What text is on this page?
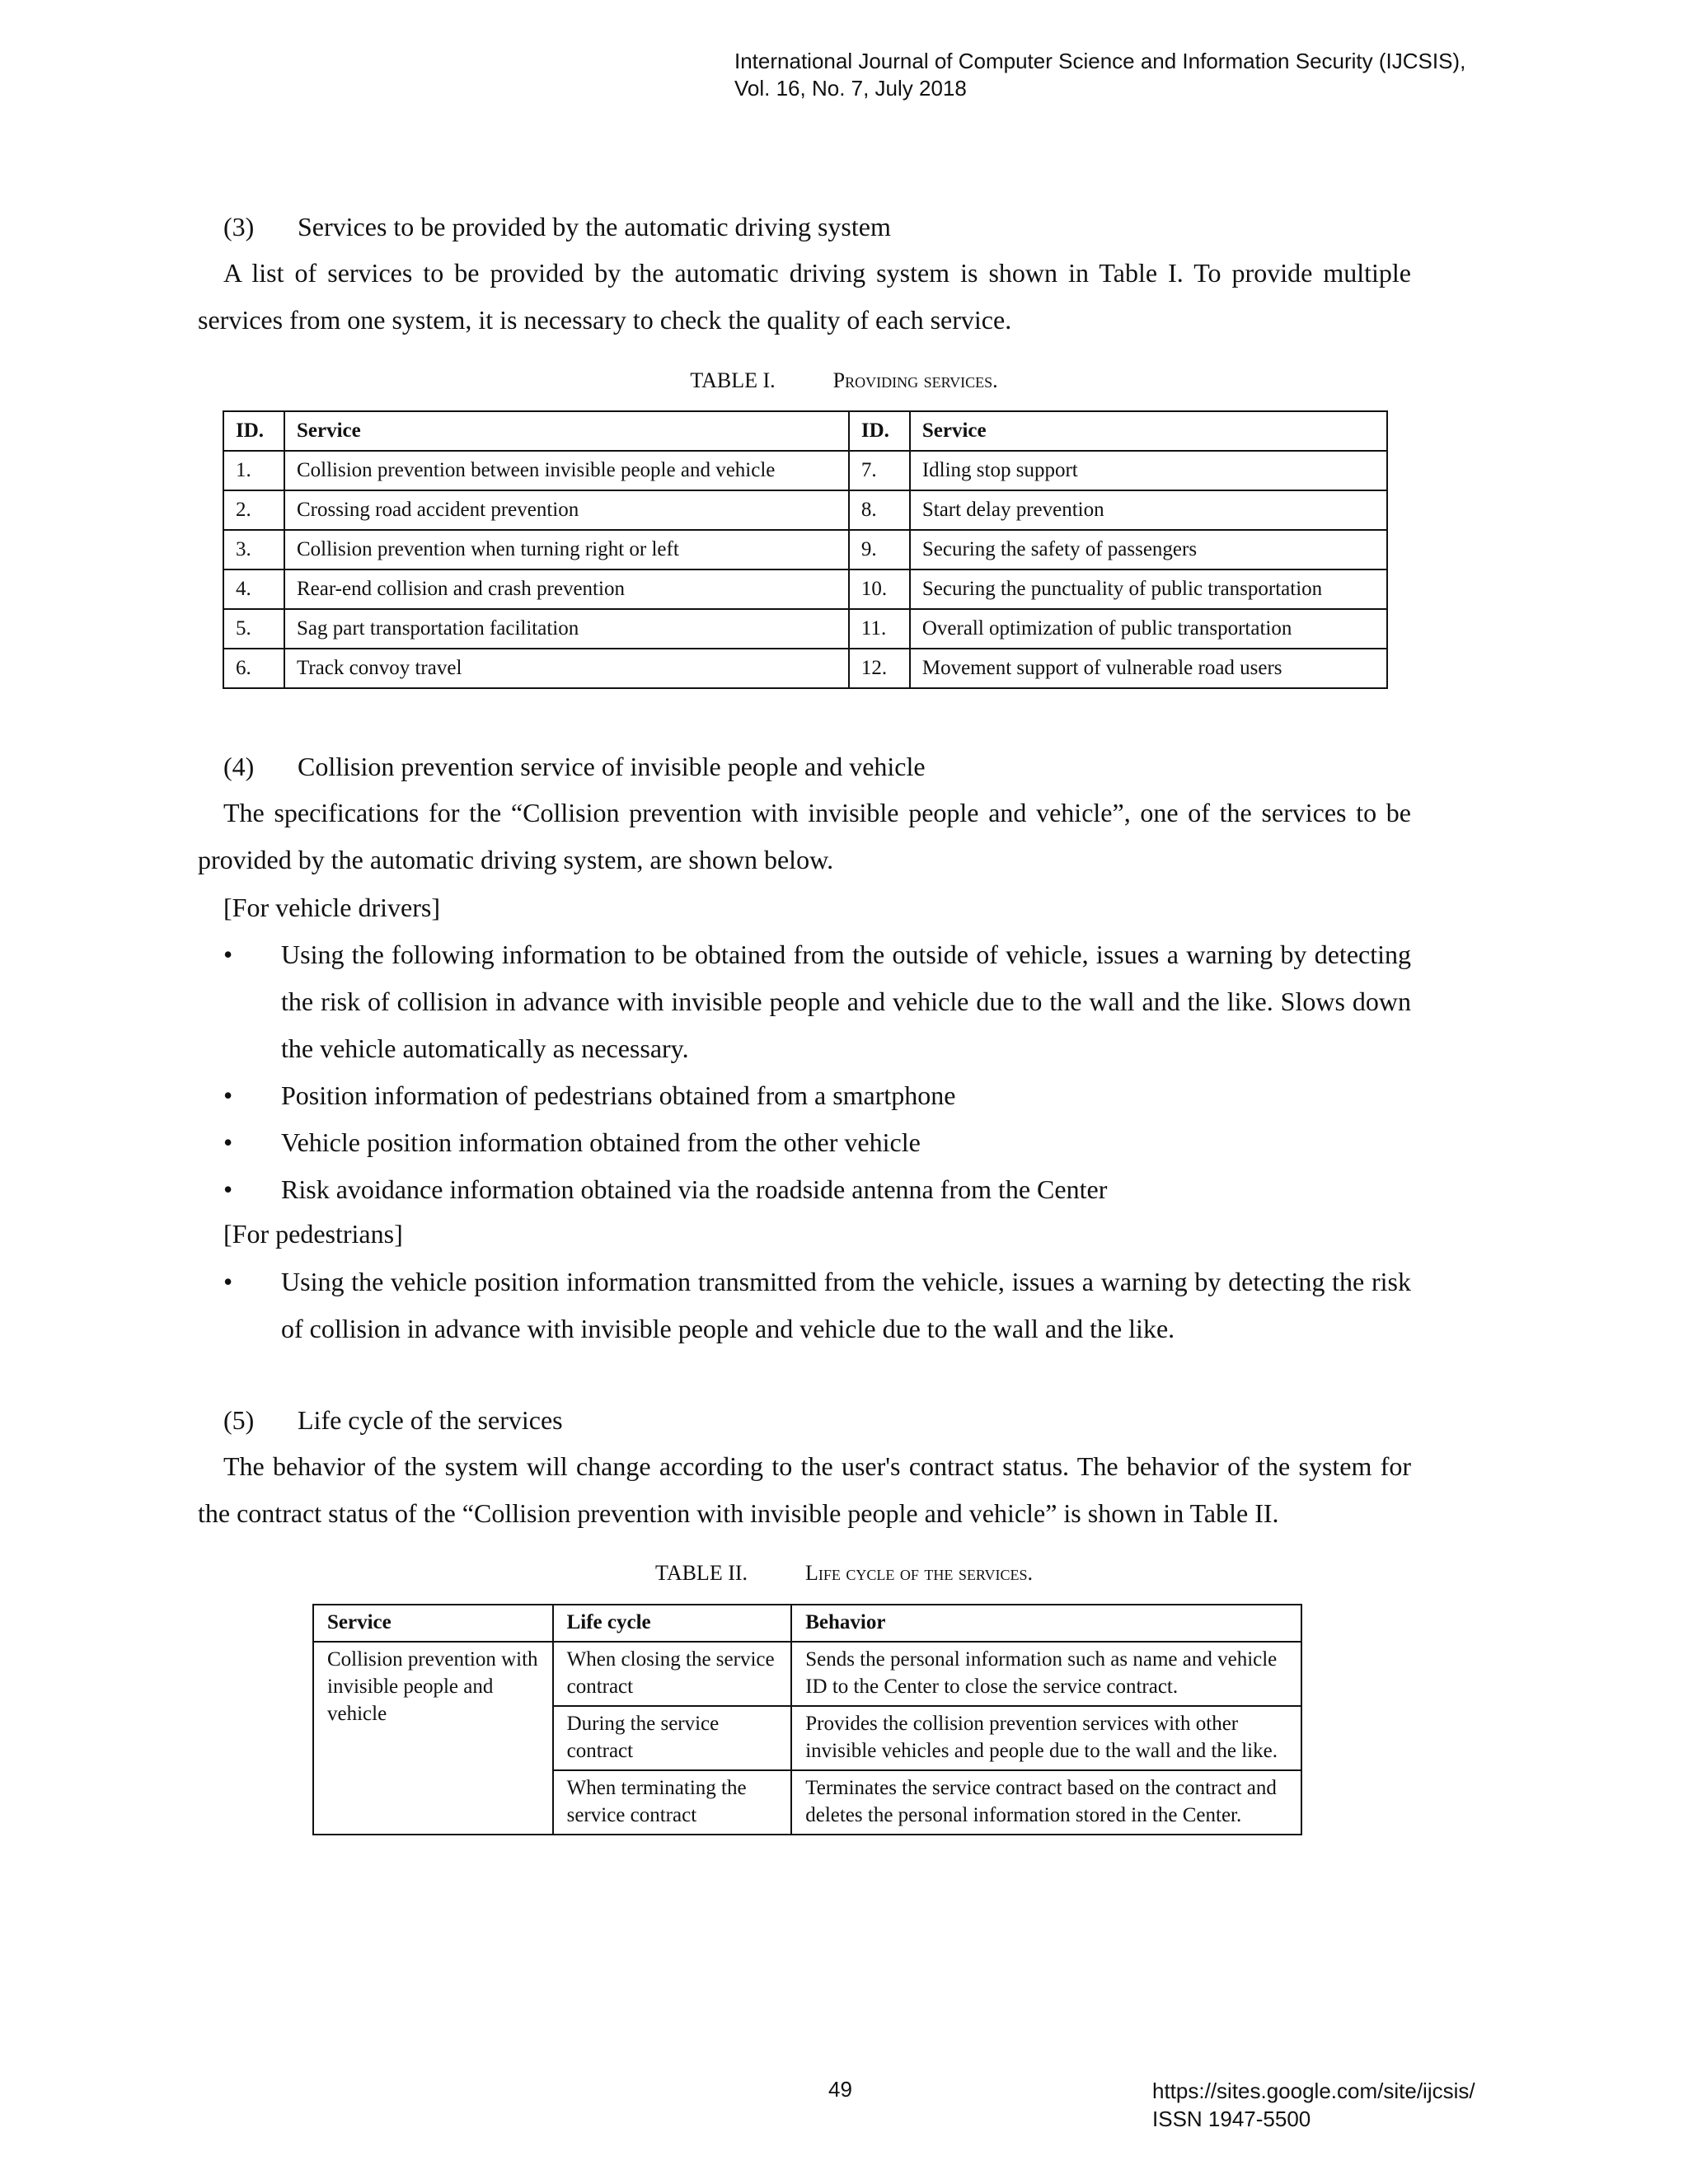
International Journal of Computer Science and Information Security (IJCSIS),
Vol. 16, No. 7, July 2018
(3) Services to be provided by the automatic driving system
A list of services to be provided by the automatic driving system is shown in Table I. To provide multiple services from one system, it is necessary to check the quality of each service.
TABLE I.	Providing services.
ID.	Service	ID.	Service
1.	Collision prevention between invisible people and vehicle	7.	Idling stop support
2.	Crossing road accident prevention	8.	Start delay prevention
3.	Collision prevention when turning right or left	9.	Securing the safety of passengers
4.	Rear-end collision and crash prevention	10.	Securing the punctuality of public transportation
5.	Sag part transportation facilitation	11.	Overall optimization of public transportation
6.	Track convoy travel	12.	Movement support of vulnerable road users
(4) Collision prevention service of invisible people and vehicle
The specifications for the “Collision prevention with invisible people and vehicle”, one of the services to be provided by the automatic driving system, are shown below.
[For vehicle drivers]
•	Using the following information to be obtained from the outside of vehicle, issues a warning by detecting the risk of collision in advance with invisible people and vehicle due to the wall and the like. Slows down the vehicle automatically as necessary.
•	Position information of pedestrians obtained from a smartphone
•	Vehicle position information obtained from the other vehicle
•	Risk avoidance information obtained via the roadside antenna from the Center
[For pedestrians]
•	Using the vehicle position information transmitted from the vehicle, issues a warning by detecting the risk of collision in advance with invisible people and vehicle due to the wall and the like.
(5) Life cycle of the services
The behavior of the system will change according to the user's contract status. The behavior of the system for the contract status of the “Collision prevention with invisible people and vehicle” is shown in Table II.
TABLE II.	Life cycle of the services.
Service	Life cycle	Behavior
Collision prevention with invisible people and vehicle	When closing the service contract	Sends the personal information such as name and vehicle ID to the Center to close the service contract.
	During the service contract	Provides the collision prevention services with other invisible vehicles and people due to the wall and the like.
	When terminating the service contract	Terminates the service contract based on the contract and deletes the personal information stored in the Center.
49	https://sites.google.com/site/ijcsis/
ISSN 1947-5500
